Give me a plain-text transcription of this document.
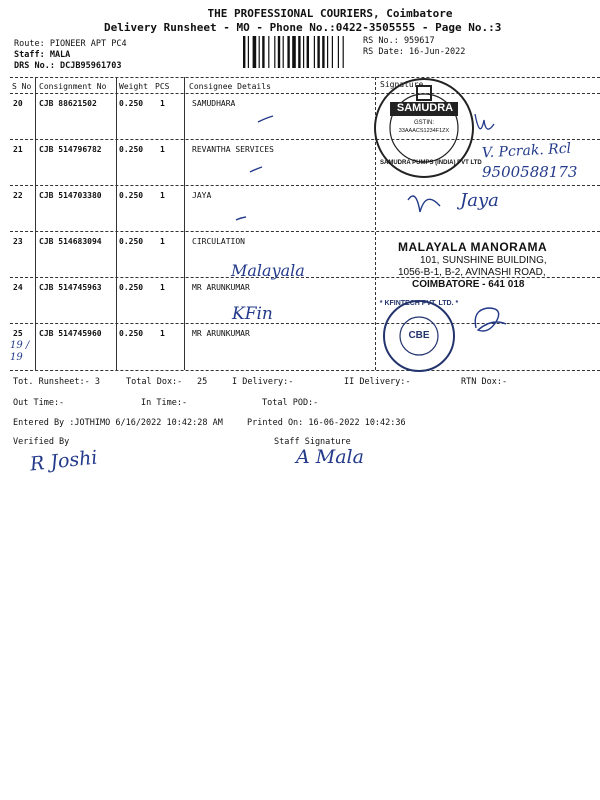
THE PROFESSIONAL COURIERS, Coimbatore
Delivery Runsheet - MO - Phone No.:0422-3505555 - Page No.:3
Route: PIONEER APT PC4
Staff: MALA
DRS No.: DCJB95961703
RS No.: 959617
RS Date: 16-Jun-2022
S No Consignment No Weight PCS Consignee Details	Signature
20 CJB 88621502	0.250 1	SAMUDHARA
21 CJB 514796782 0.250 1	REVANTHA SERVICES
22 CJB 514703380 0.250 1	JAYA
23 CJB 514683094 0.250 1	CIRCULATION
24 CJB 514745963 0.250 1	MR ARUNKUMAR
25 CJB 514745960 0.250 1	MR ARUNKUMAR
Tot. Runsheet:- 3	Total Dox:- 25	I Delivery:-	II Delivery:-	RTN Dox:-
Out Time:-	In Time:-	Total POD:-
Entered By :JOTHIMO 6/16/2022 10:42:28 AM	Printed On: 16-06-2022 10:42:36
Verified By	Staff Signature
R Joshi	A Mala
V. Pcrak. Rcl
9500588173
Jaya
Malayala
KFin
19 / 19
SAMUDRA
GSTIN:
33AAACS1234F1ZX
SAMUDRA PUMPS (INDIA) PVT LTD
MALAYALA MANORAMA
101, SUNSHINE BUILDING,
1056-B-1, B-2, AVINASHI ROAD,
COIMBATORE - 641 018
* KFINTECH PVT. LTD. *
CBE
